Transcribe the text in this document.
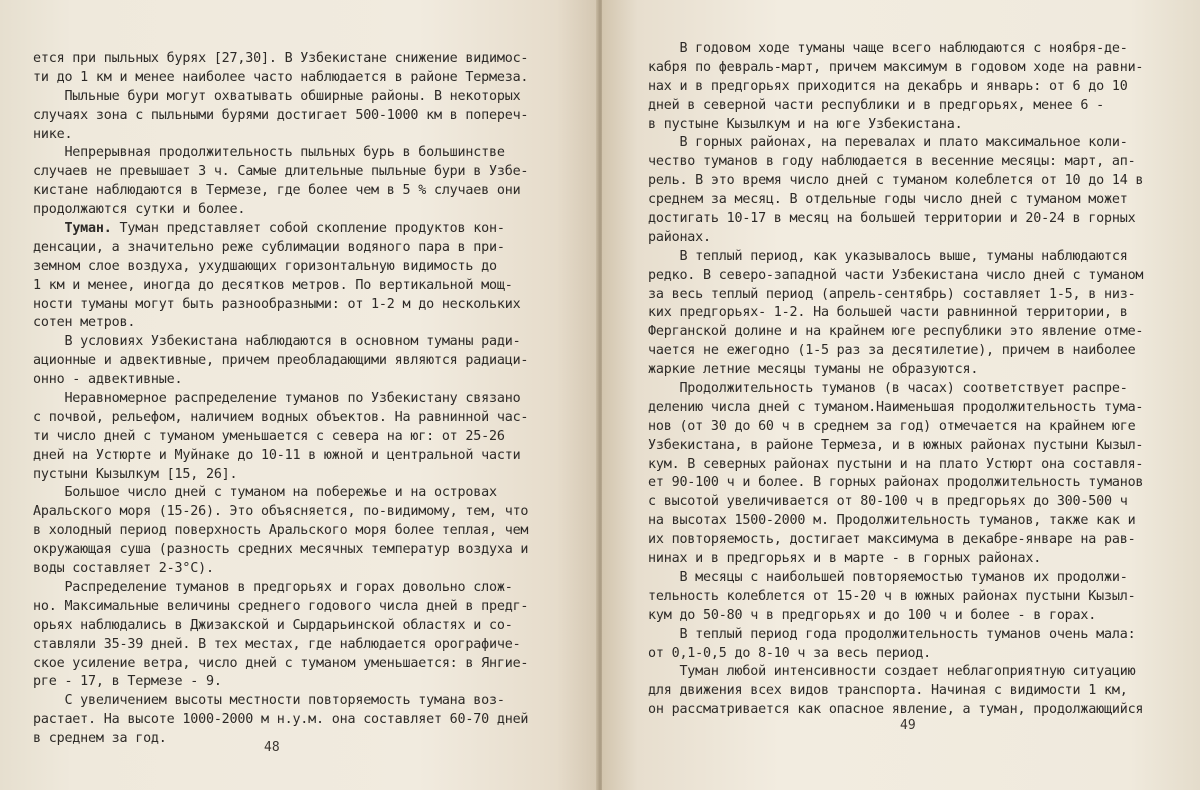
ется при пыльных бурях [27,30]. В Узбекистане снижение видимос-
ти до 1 км и менее наиболее часто наблюдается в районе Термеза.
Пыльные бури могут охватывать обширные районы. В некоторых
случаях зона с пыльными бурями достигает 500-1000 км в попереч-
нике.
Непрерывная продолжительность пыльных бурь в большинстве
случаев не превышает 3 ч. Самые длительные пыльные бури в Узбе-
кистане наблюдаются в Термезе, где более чем в 5 % случаев они
продолжаются сутки и более.
Туман. Туман представляет собой скопление продуктов кон-
денсации, а значительно реже сублимации водяного пара в при-
земном слое воздуха, ухудшающих горизонтальную видимость до
1 км и менее, иногда до десятков метров. По вертикальной мощ-
ности туманы могут быть разнообразными: от 1-2 м до нескольких
сотен метров.
В условиях Узбекистана наблюдаются в основном туманы ради-
ационные и адвективные, причем преобладающими являются радиаци-
онно - адвективные.
Неравномерное распределение туманов по Узбекистану связано
с почвой, рельефом, наличием водных объектов. На равнинной час-
ти число дней с туманом уменьшается с севера на юг: от 25-26
дней на Устюрте и Муйнаке до 10-11 в южной и центральной части
пустыни Кызылкум [15, 26].
Большое число дней с туманом на побережье и на островах
Аральского моря (15-26). Это объясняется, по-видимому, тем, что
в холодный период поверхность Аральского моря более теплая, чем
окружающая суша (разность средних месячных температур воздуха и
воды составляет 2-3°С).
Распределение туманов в предгорьях и горах довольно слож-
но. Максимальные величины среднего годового числа дней в предг-
орьях наблюдались в Джизакской и Сырдарьинской областях и со-
ставляли 35-39 дней. В тех местах, где наблюдается орографиче-
ское усиление ветра, число дней с туманом уменьшается: в Янгие-
рге - 17, в Термезе - 9.
С увеличением высоты местности повторяемость тумана воз-
растает. На высоте 1000-2000 м н.у.м. она составляет 60-70 дней
в среднем за год.
48
В годовом ходе туманы чаще всего наблюдаются с ноября-де-
кабря по февраль-март, причем максимум в годовом ходе на равни-
нах и в предгорьях приходится на декабрь и январь: от 6 до 10
дней в северной части республики и в предгорьях, менее 6 -
в пустыне Кызылкум и на юге Узбекистана.
В горных районах, на перевалах и плато максимальное коли-
чество туманов в году наблюдается в весенние месяцы: март, ап-
рель. В это время число дней с туманом колеблется от 10 до 14 в
среднем за месяц. В отдельные годы число дней с туманом может
достигать 10-17 в месяц на большей территории и 20-24 в горных
районах.
В теплый период, как указывалось выше, туманы наблюдаются
редко. В северо-западной части Узбекистана число дней с туманом
за весь теплый период (апрель-сентябрь) составляет 1-5, в низ-
ких предгорьях- 1-2. На большей части равнинной территории, в
Ферганской долине и на крайнем юге республики это явление отме-
чается не ежегодно (1-5 раз за десятилетие), причем в наиболее
жаркие летние месяцы туманы не образуются.
Продолжительность туманов (в часах) соответствует распре-
делению числа дней с туманом.Наименьшая продолжительность тума-
нов (от 30 до 60 ч в среднем за год) отмечается на крайнем юге
Узбекистана, в районе Термеза, и в южных районах пустыни Кызыл-
кум. В северных районах пустыни и на плато Устюрт она составля-
ет 90-100 ч и более. В горных районах продолжительность туманов
с высотой увеличивается от 80-100 ч в предгорьях до 300-500 ч
на высотах 1500-2000 м. Продолжительность туманов, также как и
их повторяемость, достигает максимума в декабре-январе на рав-
нинах и в предгорьях и в марте - в горных районах.
В месяцы с наибольшей повторяемостью туманов их продолжи-
тельность колеблется от 15-20 ч в южных районах пустыни Кызыл-
кум до 50-80 ч в предгорьях и до 100 ч и более - в горах.
В теплый период года продолжительность туманов очень мала:
от 0,1-0,5 до 8-10 ч за весь период.
Туман любой интенсивности создает неблагоприятную ситуацию
для движения всех видов транспорта. Начиная с видимости 1 км,
он рассматривается как опасное явление, а туман, продолжающийся
49
